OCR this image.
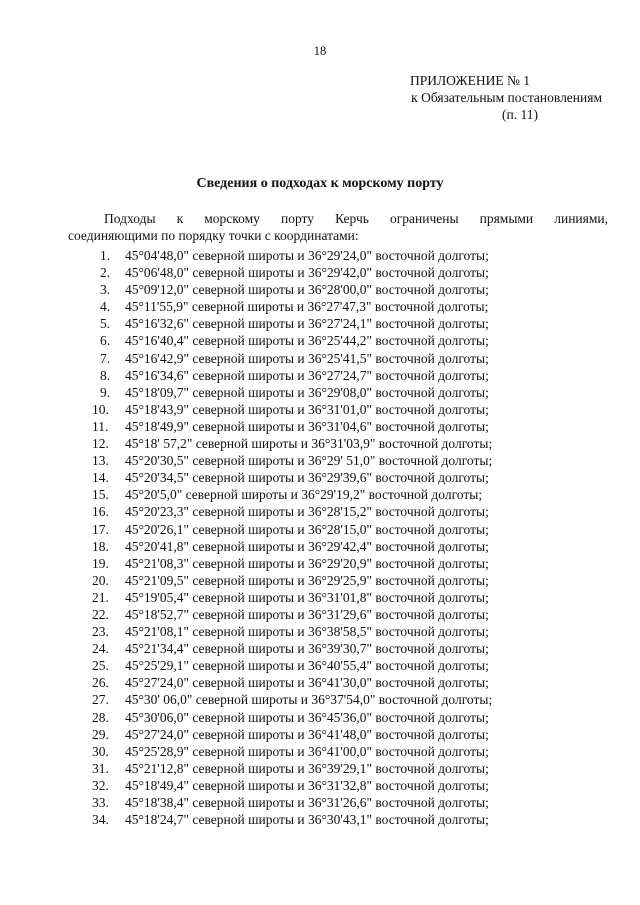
18
ПРИЛОЖЕНИЕ № 1
к Обязательным постановлениям
(п. 11)
Сведения о подходах к морскому порту
Подходы к морскому порту Керчь ограничены прямыми линиями,
соединяющими по порядку точки с координатами:
1.	45°04'48,0" северной широты и 36°29'24,0" восточной долготы;
2.	45°06'48,0" северной широты и 36°29'42,0" восточной долготы;
3.	45°09'12,0" северной широты и 36°28'00,0" восточной долготы;
4.	45°11'55,9" северной широты и 36°27'47,3" восточной долготы;
5.	45°16'32,6" северной широты и 36°27'24,1" восточной долготы;
6.	45°16'40,4" северной широты и 36°25'44,2" восточной долготы;
7.	45°16'42,9" северной широты и 36°25'41,5" восточной долготы;
8.	45°16'34,6" северной широты и 36°27'24,7" восточной долготы;
9.	45°18'09,7" северной широты и 36°29'08,0" восточной долготы;
10.	45°18'43,9" северной широты и 36°31'01,0" восточной долготы;
11.	45°18'49,9" северной широты и 36°31'04,6" восточной долготы;
12.	45°18' 57,2" северной широты и 36°31'03,9" восточной долготы;
13.	45°20'30,5" северной широты и 36°29' 51,0" восточной долготы;
14.	45°20'34,5" северной широты и 36°29'39,6" восточной долготы;
15.	45°20'5,0" северной широты и 36°29'19,2" восточной долготы;
16.	45°20'23,3" северной широты и 36°28'15,2" восточной долготы;
17.	45°20'26,1" северной широты и 36°28'15,0" восточной долготы;
18.	45°20'41,8" северной широты и 36°29'42,4" восточной долготы;
19.	45°21'08,3" северной широты и 36°29'20,9" восточной долготы;
20.	45°21'09,5" северной широты и 36°29'25,9" восточной долготы;
21.	45°19'05,4" северной широты и 36°31'01,8" восточной долготы;
22.	45°18'52,7" северной широты и 36°31'29,6" восточной долготы;
23.	45°21'08,1" северной широты и 36°38'58,5" восточной долготы;
24.	45°21'34,4" северной широты и 36°39'30,7" восточной долготы;
25.	45°25'29,1" северной широты и 36°40'55,4" восточной долготы;
26.	45°27'24,0" северной широты и 36°41'30,0" восточной долготы;
27.	45°30' 06,0" северной широты и 36°37'54,0" восточной долготы;
28.	45°30'06,0" северной широты и 36°45'36,0" восточной долготы;
29.	45°27'24,0" северной широты и 36°41'48,0" восточной долготы;
30.	45°25'28,9" северной широты и 36°41'00,0" восточной долготы;
31.	45°21'12,8" северной широты и 36°39'29,1" восточной долготы;
32.	45°18'49,4" северной широты и 36°31'32,8" восточной долготы;
33.	45°18'38,4" северной широты и 36°31'26,6" восточной долготы;
34.	45°18'24,7" северной широты и 36°30'43,1" восточной долготы;
